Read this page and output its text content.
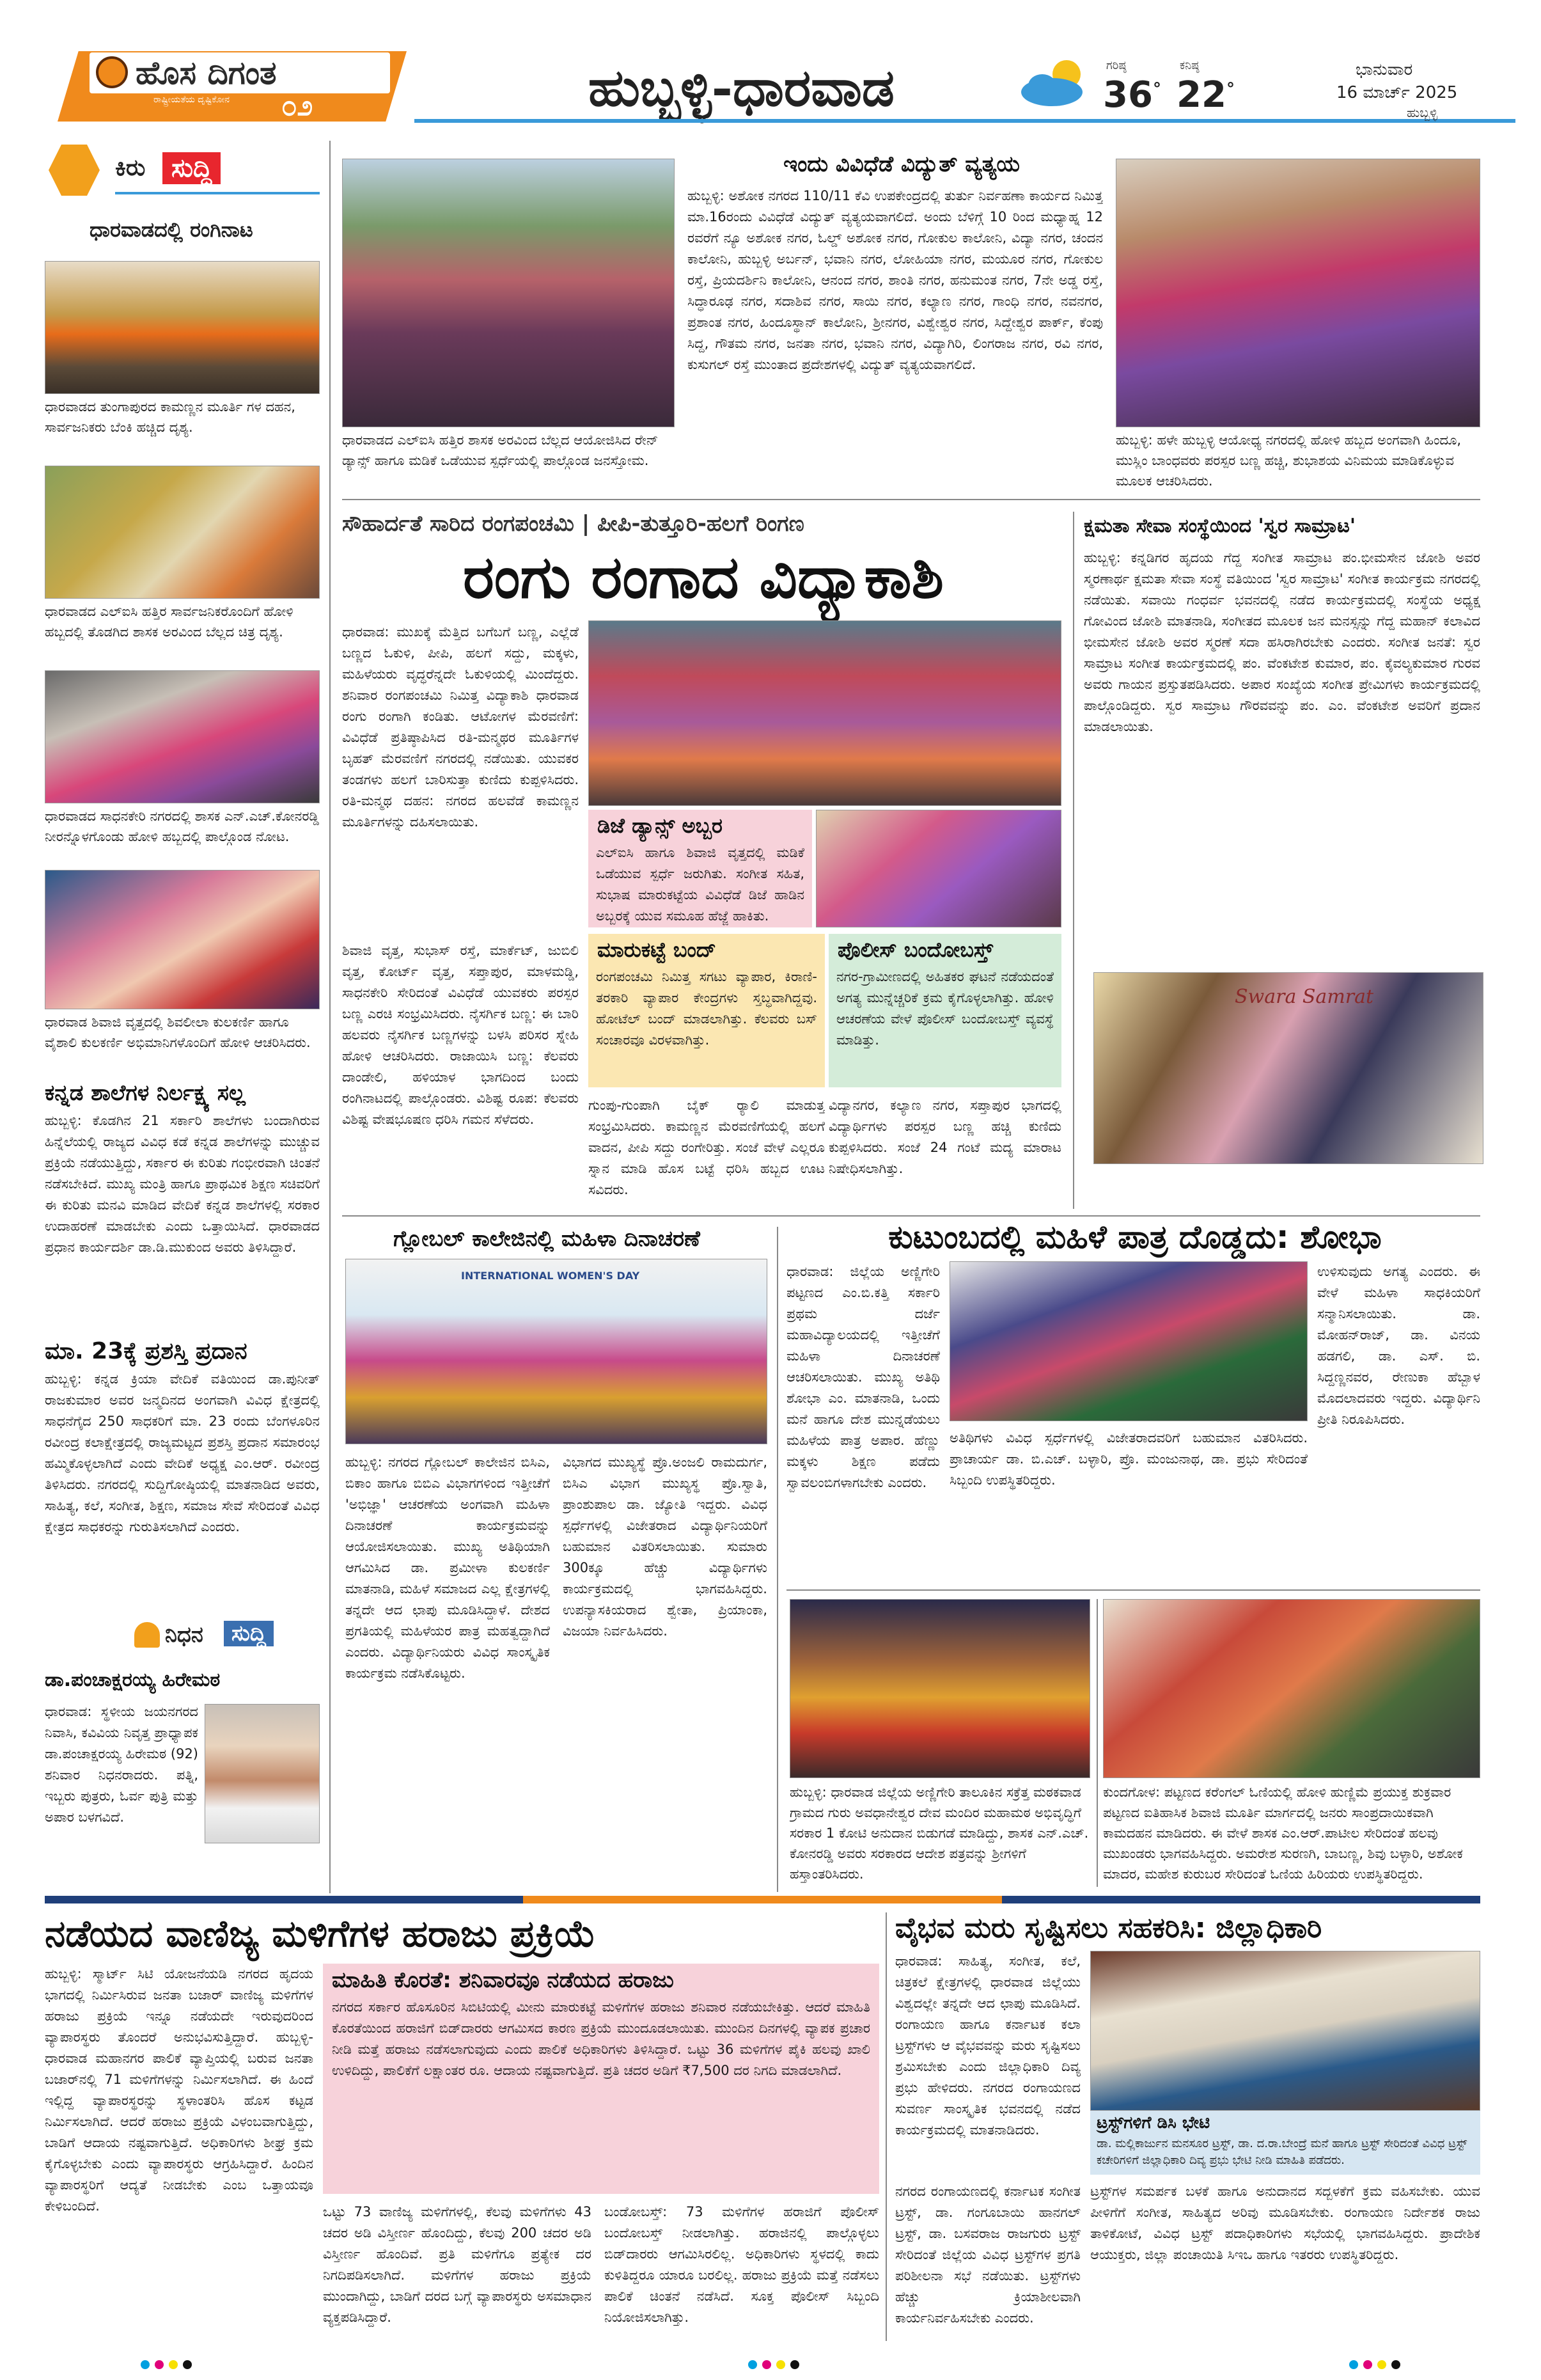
ಹೊಸ ದಿಗಂತ
ರಾಷ್ಟ್ರೀಯತೆಯ ದೃಷ್ಟಿಕೋನ ೦೨	ಹುಬ್ಬಳ್ಳಿ-ಧಾರವಾಡ	ಗರಿಷ್ಠ
36°
ಕನಿಷ್ಠ
22°
ಭಾನುವಾರ
16 ಮಾರ್ಚ್ 2025
ಹುಬ್ಬಳ್ಳಿ
ಕಿರು	ಸುದ್ದಿ
ಧಾರವಾಡದಲ್ಲಿ ರಂಗಿನಾಟ
ಧಾರವಾಡದ ತುಂಗಾಪುರದ ಕಾಮಣ್ಣನ ಮೂರ್ತಿ ಗಳ ದಹನ, ಸಾರ್ವಜನಿಕರು ಬೆಂಕಿ ಹಚ್ಚಿದ ದೃಶ್ಯ.
ಧಾರವಾಡದ ಎಲ್‌ಐಸಿ ಹತ್ತಿರ ಸಾರ್ವಜನಿಕರೊಂದಿಗೆ ಹೋಳಿ ಹಬ್ಬದಲ್ಲಿ ತೊಡಗಿದ ಶಾಸಕ ಅರವಿಂದ ಬೆಲ್ಲದ ಚಿತ್ರ ದೃಶ್ಯ.
ಧಾರವಾಡದ ಸಾಧನಕೇರಿ ನಗರದಲ್ಲಿ ಶಾಸಕ ಎನ್.ಎಚ್.ಕೋನರಡ್ಡಿ ನೀರನ್ನೊಳಗೊಂಡು ಹೋಳಿ ಹಬ್ಬದಲ್ಲಿ ಪಾಲ್ಗೊಂಡ ನೋಟ.
ಧಾರವಾಡ ಶಿವಾಜಿ ವೃತ್ತದಲ್ಲಿ ಶಿವಲೀಲಾ ಕುಲಕರ್ಣಿ ಹಾಗೂ ವೈಶಾಲಿ ಕುಲಕರ್ಣಿ ಅಭಿಮಾನಿಗಳೊಂದಿಗೆ ಹೋಳಿ ಆಚರಿಸಿದರು.
ಕನ್ನಡ ಶಾಲೆಗಳ ನಿರ್ಲಕ್ಷ್ಯ ಸಲ್ಲ
ಹುಬ್ಬಳ್ಳಿ: ಕೊಡಗಿನ 21 ಸರ್ಕಾರಿ ಶಾಲೆಗಳು ಬಂದಾಗಿರುವ ಹಿನ್ನೆಲೆಯಲ್ಲಿ ರಾಜ್ಯದ ವಿವಿಧ ಕಡೆ ಕನ್ನಡ ಶಾಲೆಗಳನ್ನು ಮುಚ್ಚುವ ಪ್ರಕ್ರಿಯೆ ನಡೆಯುತ್ತಿದ್ದು, ಸರ್ಕಾರ ಈ ಕುರಿತು ಗಂಭೀರವಾಗಿ ಚಿಂತನೆ ನಡೆಸಬೇಕಿದೆ. ಮುಖ್ಯ ಮಂತ್ರಿ ಹಾಗೂ ಪ್ರಾಥಮಿಕ ಶಿಕ್ಷಣ ಸಚಿವರಿಗೆ ಈ ಕುರಿತು ಮನವಿ ಮಾಡಿದ ವೇದಿಕೆ ಕನ್ನಡ ಶಾಲೆಗಳಲ್ಲಿ ಸರಕಾರ ಉದಾಹರಣೆ ಮಾಡಬೇಕು ಎಂದು ಒತ್ತಾಯಿಸಿದೆ. ಧಾರವಾಡದ ಪ್ರಧಾನ ಕಾರ್ಯದರ್ಶಿ ಡಾ.ಡಿ.ಮುಕುಂದ ಅವರು ತಿಳಿಸಿದ್ದಾರೆ.
ಮಾ. 23ಕ್ಕೆ ಪ್ರಶಸ್ತಿ ಪ್ರದಾನ
ಹುಬ್ಬಳ್ಳಿ: ಕನ್ನಡ ಕ್ರಿಯಾ ವೇದಿಕೆ ವತಿಯಿಂದ ಡಾ.ಪುನೀತ್ ರಾಜಕುಮಾರ ಅವರ ಜನ್ಮದಿನದ ಅಂಗವಾಗಿ ವಿವಿಧ ಕ್ಷೇತ್ರದಲ್ಲಿ ಸಾಧನೆಗೈದ 250 ಸಾಧಕರಿಗೆ ಮಾ. 23 ರಂದು ಬೆಂಗಳೂರಿನ ರವೀಂದ್ರ ಕಲಾಕ್ಷೇತ್ರದಲ್ಲಿ ರಾಜ್ಯಮಟ್ಟದ ಪ್ರಶಸ್ತಿ ಪ್ರದಾನ ಸಮಾರಂಭ ಹಮ್ಮಿಕೊಳ್ಳಲಾಗಿದೆ ಎಂದು ವೇದಿಕೆ ಅಧ್ಯಕ್ಷ ಎಂ.ಆರ್. ರವೀಂದ್ರ ತಿಳಿಸಿದರು. ನಗರದಲ್ಲಿ ಸುದ್ದಿಗೋಷ್ಠಿಯಲ್ಲಿ ಮಾತನಾಡಿದ ಅವರು, ಸಾಹಿತ್ಯ, ಕಲೆ, ಸಂಗೀತ, ಶಿಕ್ಷಣ, ಸಮಾಜ ಸೇವೆ ಸೇರಿದಂತೆ ವಿವಿಧ ಕ್ಷೇತ್ರದ ಸಾಧಕರನ್ನು ಗುರುತಿಸಲಾಗಿದೆ ಎಂದರು.
ನಿಧನ	ಸುದ್ದಿ
ಡಾ.ಪಂಚಾಕ್ಷರಯ್ಯ ಹಿರೇಮಠ
ಧಾರವಾಡ: ಸ್ಥಳೀಯ ಜಯನಗರದ ನಿವಾಸಿ, ಕವಿವಿಯ ನಿವೃತ್ತ ಪ್ರಾಧ್ಯಾಪಕ ಡಾ.ಪಂಚಾಕ್ಷರಯ್ಯ ಹಿರೇಮಠ (92) ಶನಿವಾರ ನಿಧನರಾದರು. ಪತ್ನಿ, ಇಬ್ಬರು ಪುತ್ರರು, ಓರ್ವ ಪುತ್ರಿ ಮತ್ತು ಅಪಾರ ಬಳಗವಿದೆ.
ಧಾರವಾಡದ ಎಲ್‌ಐಸಿ ಹತ್ತಿರ ಶಾಸಕ ಅರವಿಂದ ಬೆಲ್ಲದ ಆಯೋಜಿಸಿದ ರೇನ್ ಡ್ಯಾನ್ಸ್ ಹಾಗೂ ಮಡಿಕೆ ಒಡೆಯುವ ಸ್ಪರ್ಧೆಯಲ್ಲಿ ಪಾಲ್ಗೊಂಡ ಜನಸ್ತೋಮ.
ಇಂದು ವಿವಿಧೆಡೆ ವಿದ್ಯುತ್ ವ್ಯತ್ಯಯ
ಹುಬ್ಬಳ್ಳಿ: ಅಶೋಕ ನಗರದ 110/11 ಕೆವಿ ಉಪಕೇಂದ್ರದಲ್ಲಿ ತುರ್ತು ನಿರ್ವಹಣಾ ಕಾರ್ಯದ ನಿಮಿತ್ತ ಮಾ.16ರಂದು ವಿವಿಧೆಡೆ ವಿದ್ಯುತ್ ವ್ಯತ್ಯಯವಾಗಲಿದೆ. ಅಂದು ಬೆಳಿಗ್ಗೆ 10 ರಿಂದ ಮಧ್ಯಾಹ್ನ 12 ರವರೆಗೆ ನ್ಯೂ ಅಶೋಕ ನಗರ, ಓಲ್ಡ್ ಅಶೋಕ ನಗರ, ಗೋಕುಲ ಕಾಲೋನಿ, ವಿದ್ಯಾ ನಗರ, ಚಂದನ ಕಾಲೋನಿ, ಹುಬ್ಬಳ್ಳಿ ಅರ್ಬನ್, ಭವಾನಿ ನಗರ, ಲೋಹಿಯಾ ನಗರ, ಮಯೂರ ನಗರ, ಗೋಕುಲ ರಸ್ತೆ, ಪ್ರಿಯದರ್ಶಿನಿ ಕಾಲೋನಿ, ಆನಂದ ನಗರ, ಶಾಂತಿ ನಗರ, ಹನುಮಂತ ನಗರ, 7ನೇ ಅಡ್ಡ ರಸ್ತೆ, ಸಿದ್ಧಾರೂಢ ನಗರ, ಸದಾಶಿವ ನಗರ, ಸಾಯಿ ನಗರ, ಕಲ್ಯಾಣ ನಗರ, ಗಾಂಧಿ ನಗರ, ನವನಗರ, ಪ್ರಶಾಂತ ನಗರ, ಹಿಂದೂಸ್ಥಾನ್ ಕಾಲೋನಿ, ಶ್ರೀನಗರ, ವಿಶ್ವೇಶ್ವರ ನಗರ, ಸಿದ್ದೇಶ್ವರ ಪಾರ್ಕ್, ಕೆಂಪು ಸಿದ್ದ, ಗೌತಮ ನಗರ, ಜನತಾ ನಗರ, ಭವಾನಿ ನಗರ, ವಿದ್ಯಾಗಿರಿ, ಲಿಂಗರಾಜ ನಗರ, ರವಿ ನಗರ, ಕುಸುಗಲ್ ರಸ್ತೆ ಮುಂತಾದ ಪ್ರದೇಶಗಳಲ್ಲಿ ವಿದ್ಯುತ್ ವ್ಯತ್ಯಯವಾಗಲಿದೆ.
ಹುಬ್ಬಳ್ಳಿ: ಹಳೇ ಹುಬ್ಬಳ್ಳಿ ಆಯೋಧ್ಯ ನಗರದಲ್ಲಿ ಹೋಳಿ ಹಬ್ಬದ ಅಂಗವಾಗಿ ಹಿಂದೂ, ಮುಸ್ಲಿಂ ಬಾಂಧವರು ಪರಸ್ಪರ ಬಣ್ಣ ಹಚ್ಚಿ, ಶುಭಾಶಯ ವಿನಿಮಯ ಮಾಡಿಕೊಳ್ಳುವ ಮೂಲಕ ಆಚರಿಸಿದರು.
ಸೌಹಾರ್ದತೆ ಸಾರಿದ ರಂಗಪಂಚಮಿ | ಪೀಪಿ-ತುತ್ತೂರಿ-ಹಲಗೆ ರಿಂಗಣ
ರಂಗು ರಂಗಾದ ವಿದ್ಯಾಕಾಶಿ
ಧಾರವಾಡ: ಮುಖಕ್ಕೆ ಮೆತ್ತಿದ ಬಗೆಬಗೆ ಬಣ್ಣ, ಎಲ್ಲೆಡೆ ಬಣ್ಣದ ಓಕುಳಿ, ಪೀಪಿ, ಹಲಗೆ ಸದ್ದು, ಮಕ್ಕಳು, ಮಹಿಳೆಯರು ವೃದ್ಧರೆನ್ನದೇ ಓಕುಳಿಯಲ್ಲಿ ಮಿಂದೆದ್ದರು. ಶನಿವಾರ ರಂಗಪಂಚಮಿ ನಿಮಿತ್ತ ವಿದ್ಯಾಕಾಶಿ ಧಾರವಾಡ ರಂಗು ರಂಗಾಗಿ ಕಂಡಿತು. ಆಟೋಗಳ ಮೆರವಣಿಗೆ: ವಿವಿಧೆಡೆ ಪ್ರತಿಷ್ಠಾಪಿಸಿದ ರತಿ-ಮನ್ಮಥರ ಮೂರ್ತಿಗಳ ಬೃಹತ್ ಮೆರವಣಿಗೆ ನಗರದಲ್ಲಿ ನಡೆಯಿತು. ಯುವಕರ ತಂಡಗಳು ಹಲಗೆ ಬಾರಿಸುತ್ತಾ ಕುಣಿದು ಕುಪ್ಪಳಿಸಿದರು. ರತಿ-ಮನ್ಮಥ ದಹನ: ನಗರದ ಹಲವೆಡೆ ಕಾಮಣ್ಣನ ಮೂರ್ತಿಗಳನ್ನು ದಹಿಸಲಾಯಿತು.	ಡಿಜೆ ಡ್ಯಾನ್ಸ್ ಅಬ್ಬರ
ಎಲ್‌ಐಸಿ ಹಾಗೂ ಶಿವಾಜಿ ವೃತ್ತದಲ್ಲಿ ಮಡಿಕೆ ಒಡೆಯುವ ಸ್ಪರ್ಧೆ ಜರುಗಿತು. ಸಂಗೀತ ಸಹಿತ, ಸುಭಾಷ ಮಾರುಕಟ್ಟೆಯ ವಿವಿಧೆಡೆ ಡಿಜೆ ಹಾಡಿನ ಅಬ್ಬರಕ್ಕೆ ಯುವ ಸಮೂಹ ಹೆಜ್ಜೆ ಹಾಕಿತು.
ಶಿವಾಜಿ ವೃತ್ತ, ಸುಭಾಸ್ ರಸ್ತೆ, ಮಾರ್ಕೆಟ್, ಜುಬಿಲಿ ವೃತ್ತ, ಕೋರ್ಟ್ ವೃತ್ತ, ಸಪ್ತಾಪುರ, ಮಾಳಮಡ್ಡಿ, ಸಾಧನಕೇರಿ ಸೇರಿದಂತೆ ವಿವಿಧೆಡೆ ಯುವಕರು ಪರಸ್ಪರ ಬಣ್ಣ ಎರಚಿ ಸಂಭ್ರಮಿಸಿದರು. ನೈಸರ್ಗಿಕ ಬಣ್ಣ: ಈ ಬಾರಿ ಹಲವರು ನೈಸರ್ಗಿಕ ಬಣ್ಣಗಳನ್ನು ಬಳಸಿ ಪರಿಸರ ಸ್ನೇಹಿ ಹೋಳಿ ಆಚರಿಸಿದರು. ರಾಜಾಯಿಸಿ ಬಣ್ಣ: ಕೆಲವರು ದಾಂಡೇಲಿ, ಹಳಿಯಾಳ ಭಾಗದಿಂದ ಬಂದು ರಂಗಿನಾಟದಲ್ಲಿ ಪಾಲ್ಗೊಂಡರು. ವಿಶಿಷ್ಟ ರೂಪ: ಕೆಲವರು ವಿಶಿಷ್ಟ ವೇಷಭೂಷಣ ಧರಿಸಿ ಗಮನ ಸೆಳೆದರು.
ಮಾರುಕಟ್ಟೆ ಬಂದ್
ರಂಗಪಂಚಮಿ ನಿಮಿತ್ತ ಸಗಟು ವ್ಯಾಪಾರ, ಕಿರಾಣಿ-ತರಕಾರಿ ವ್ಯಾಪಾರ ಕೇಂದ್ರಗಳು ಸ್ತಬ್ಧವಾಗಿದ್ದವು. ಹೋಟೆಲ್ ಬಂದ್ ಮಾಡಲಾಗಿತ್ತು. ಕೆಲವರು ಬಸ್ ಸಂಚಾರವೂ ವಿರಳವಾಗಿತ್ತು.
ಪೊಲೀಸ್ ಬಂದೋಬಸ್ತ್
ನಗರ-ಗ್ರಾಮೀಣದಲ್ಲಿ ಅಹಿತಕರ ಘಟನೆ ನಡೆಯದಂತೆ ಅಗತ್ಯ ಮುನ್ನೆಚ್ಚರಿಕೆ ಕ್ರಮ ಕೈಗೊಳ್ಳಲಾಗಿತ್ತು. ಹೋಳಿ ಆಚರಣೆಯ ವೇಳೆ ಪೊಲೀಸ್ ಬಂದೋಬಸ್ತ್ ವ್ಯವಸ್ಥೆ ಮಾಡಿತ್ತು.
ಗುಂಪು-ಗುಂಪಾಗಿ ಬೈಕ್ ರ‍್ಯಾಲಿ ಮಾಡುತ್ತ ಸಂಭ್ರಮಿಸಿದರು. ಕಾಮಣ್ಣನ ಮೆರವಣಿಗೆಯಲ್ಲಿ ಹಲಗೆ ವಾದನ, ಪೀಪಿ ಸದ್ದು ರಂಗೇರಿತ್ತು. ಸಂಜೆ ವೇಳೆ ಎಲ್ಲರೂ ಸ್ನಾನ ಮಾಡಿ ಹೊಸ ಬಟ್ಟೆ ಧರಿಸಿ ಹಬ್ಬದ ಊಟ ಸವಿದರು.
ವಿದ್ಯಾನಗರ, ಕಲ್ಯಾಣ ನಗರ, ಸಪ್ತಾಪುರ ಭಾಗದಲ್ಲಿ ವಿದ್ಯಾರ್ಥಿಗಳು ಪರಸ್ಪರ ಬಣ್ಣ ಹಚ್ಚಿ ಕುಣಿದು ಕುಪ್ಪಳಿಸಿದರು. ಸಂಜೆ 24 ಗಂಟೆ ಮದ್ಯ ಮಾರಾಟ ನಿಷೇಧಿಸಲಾಗಿತ್ತು.
ಕ್ಷಮತಾ ಸೇವಾ ಸಂಸ್ಥೆಯಿಂದ 'ಸ್ವರ ಸಾಮ್ರಾಟ'
ಹುಬ್ಬಳ್ಳಿ: ಕನ್ನಡಿಗರ ಹೃದಯ ಗೆದ್ದ ಸಂಗೀತ ಸಾಮ್ರಾಟ ಪಂ.ಭೀಮಸೇನ ಜೋಶಿ ಅವರ ಸ್ಮರಣಾರ್ಥ ಕ್ಷಮತಾ ಸೇವಾ ಸಂಸ್ಥೆ ವತಿಯಿಂದ 'ಸ್ವರ ಸಾಮ್ರಾಟ' ಸಂಗೀತ ಕಾರ್ಯಕ್ರಮ ನಗರದಲ್ಲಿ ನಡೆಯಿತು. ಸವಾಯಿ ಗಂಧರ್ವ ಭವನದಲ್ಲಿ ನಡೆದ ಕಾರ್ಯಕ್ರಮದಲ್ಲಿ ಸಂಸ್ಥೆಯ ಅಧ್ಯಕ್ಷ ಗೋವಿಂದ ಜೋಶಿ ಮಾತನಾಡಿ, ಸಂಗೀತದ ಮೂಲಕ ಜನ ಮನಸ್ಸನ್ನು ಗೆದ್ದ ಮಹಾನ್ ಕಲಾವಿದ ಭೀಮಸೇನ ಜೋಶಿ ಅವರ ಸ್ಮರಣೆ ಸದಾ ಹಸಿರಾಗಿರಬೇಕು ಎಂದರು. ಸಂಗೀತ ಜನತೆ: ಸ್ವರ ಸಾಮ್ರಾಟ ಸಂಗೀತ ಕಾರ್ಯಕ್ರಮದಲ್ಲಿ ಪಂ. ವೆಂಕಟೇಶ ಕುಮಾರ, ಪಂ. ಕೈವಲ್ಯಕುಮಾರ ಗುರವ ಅವರು ಗಾಯನ ಪ್ರಸ್ತುತಪಡಿಸಿದರು. ಅಪಾರ ಸಂಖ್ಯೆಯ ಸಂಗೀತ ಪ್ರೇಮಿಗಳು ಕಾರ್ಯಕ್ರಮದಲ್ಲಿ ಪಾಲ್ಗೊಂಡಿದ್ದರು. ಸ್ವರ ಸಾಮ್ರಾಟ ಗೌರವವನ್ನು ಪಂ. ಎಂ. ವೆಂಕಟೇಶ ಅವರಿಗೆ ಪ್ರದಾನ ಮಾಡಲಾಯಿತು.
Swara Samrat
ಗ್ಲೋಬಲ್ ಕಾಲೇಜಿನಲ್ಲಿ ಮಹಿಳಾ ದಿನಾಚರಣೆ
INTERNATIONAL WOMEN'S DAY
ಹುಬ್ಬಳ್ಳಿ: ನಗರದ ಗ್ಲೋಬಲ್ ಕಾಲೇಜಿನ ಬಿಸಿಎ, ಬಿಕಾಂ ಹಾಗೂ ಬಿಬಿಎ ವಿಭಾಗಗಳಿಂದ ಇತ್ತೀಚೆಗೆ 'ಅಭಿಜ್ಞಾ' ಆಚರಣೆಯ ಅಂಗವಾಗಿ ಮಹಿಳಾ ದಿನಾಚರಣೆ ಕಾರ್ಯಕ್ರಮವನ್ನು ಆಯೋಜಿಸಲಾಯಿತು. ಮುಖ್ಯ ಅತಿಥಿಯಾಗಿ ಆಗಮಿಸಿದ ಡಾ. ಪ್ರಮೀಳಾ ಕುಲಕರ್ಣಿ ಮಾತನಾಡಿ, ಮಹಿಳೆ ಸಮಾಜದ ಎಲ್ಲ ಕ್ಷೇತ್ರಗಳಲ್ಲಿ ತನ್ನದೇ ಆದ ಛಾಪು ಮೂಡಿಸಿದ್ದಾಳೆ. ದೇಶದ ಪ್ರಗತಿಯಲ್ಲಿ ಮಹಿಳೆಯರ ಪಾತ್ರ ಮಹತ್ವದ್ದಾಗಿದೆ ಎಂದರು. ವಿದ್ಯಾರ್ಥಿನಿಯರು ವಿವಿಧ ಸಾಂಸ್ಕೃತಿಕ ಕಾರ್ಯಕ್ರಮ ನಡೆಸಿಕೊಟ್ಟರು.
ವಿಭಾಗದ ಮುಖ್ಯಸ್ಥೆ ಪ್ರೊ.ಅಂಜಲಿ ರಾಮದುರ್ಗ, ಬಿಸಿಎ ವಿಭಾಗ ಮುಖ್ಯಸ್ಥ ಪ್ರೊ.ಸ್ವಾತಿ, ಪ್ರಾಂಶುಪಾಲ ಡಾ. ಜ್ಯೋತಿ ಇದ್ದರು. ವಿವಿಧ ಸ್ಪರ್ಧೆಗಳಲ್ಲಿ ವಿಜೇತರಾದ ವಿದ್ಯಾರ್ಥಿನಿಯರಿಗೆ ಬಹುಮಾನ ವಿತರಿಸಲಾಯಿತು. ಸುಮಾರು 300ಕ್ಕೂ ಹೆಚ್ಚು ವಿದ್ಯಾರ್ಥಿಗಳು ಕಾರ್ಯಕ್ರಮದಲ್ಲಿ ಭಾಗವಹಿಸಿದ್ದರು. ಉಪನ್ಯಾಸಕಿಯರಾದ ಶ್ವೇತಾ, ಪ್ರಿಯಾಂಕಾ, ವಿಜಯಾ ನಿರ್ವಹಿಸಿದರು.
ಕುಟುಂಬದಲ್ಲಿ ಮಹಿಳೆ ಪಾತ್ರ ದೊಡ್ಡದು: ಶೋಭಾ
ಧಾರವಾಡ: ಜಿಲ್ಲೆಯ ಅಣ್ಣಿಗೇರಿ ಪಟ್ಟಣದ ಎಂ.ಬಿ.ಕತ್ತಿ ಸರ್ಕಾರಿ ಪ್ರಥಮ ದರ್ಜೆ ಮಹಾವಿದ್ಯಾಲಯದಲ್ಲಿ ಇತ್ತೀಚೆಗೆ ಮಹಿಳಾ ದಿನಾಚರಣೆ ಆಚರಿಸಲಾಯಿತು. ಮುಖ್ಯ ಅತಿಥಿ ಶೋಭಾ ಎಂ. ಮಾತನಾಡಿ, ಒಂದು ಮನೆ ಹಾಗೂ ದೇಶ ಮುನ್ನಡೆಯಲು ಮಹಿಳೆಯ ಪಾತ್ರ ಅಪಾರ. ಹೆಣ್ಣು ಮಕ್ಕಳು ಶಿಕ್ಷಣ ಪಡೆದು ಸ್ವಾವಲಂಬಿಗಳಾಗಬೇಕು ಎಂದರು.
ಅತಿಥಿಗಳು ವಿವಿಧ ಸ್ಪರ್ಧೆಗಳಲ್ಲಿ ವಿಜೇತರಾದವರಿಗೆ ಬಹುಮಾನ ವಿತರಿಸಿದರು. ಪ್ರಾಚಾರ್ಯ ಡಾ. ಬಿ.ಎಚ್. ಬಳ್ಳಾರಿ, ಪ್ರೊ. ಮಂಜುನಾಥ, ಡಾ. ಪ್ರಭು ಸೇರಿದಂತೆ ಸಿಬ್ಬಂದಿ ಉಪಸ್ಥಿತರಿದ್ದರು.
ಉಳಿಸುವುದು ಅಗತ್ಯ ಎಂದರು. ಈ ವೇಳೆ ಮಹಿಳಾ ಸಾಧಕಿಯರಿಗೆ ಸನ್ಮಾನಿಸಲಾಯಿತು. ಡಾ. ಮೋಹನ್‌ರಾಜ್, ಡಾ. ವಿನಯ ಹಡಗಲಿ, ಡಾ. ಎಸ್. ಬಿ. ಸಿದ್ದಣ್ಣನವರ, ರೇಣುಕಾ ಹೆಬ್ಬಾಳ ಮೊದಲಾದವರು ಇದ್ದರು. ವಿದ್ಯಾರ್ಥಿನಿ ಪ್ರೀತಿ ನಿರೂಪಿಸಿದರು.
ಹುಬ್ಬಳ್ಳಿ: ಧಾರವಾಡ ಜಿಲ್ಲೆಯ ಅಣ್ಣಿಗೇರಿ ತಾಲೂಕಿನ ಸಕ್ರೆತ್ತ ಮಠಕವಾಡ ಗ್ರಾಮದ ಗುರು ಅವಧಾನೇಶ್ವರ ದೇವ ಮಂದಿರ ಮಹಾಮಠ ಅಭಿವೃದ್ಧಿಗೆ ಸರಕಾರ 1 ಕೋಟಿ ಅನುದಾನ ಬಿಡುಗಡೆ ಮಾಡಿದ್ದು, ಶಾಸಕ ಎನ್.ಎಚ್. ಕೋನರಡ್ಡಿ ಅವರು ಸರಕಾರದ ಆದೇಶ ಪತ್ರವನ್ನು ಶ್ರೀಗಳಿಗೆ ಹಸ್ತಾಂತರಿಸಿದರು.
ಕುಂದಗೋಳ: ಪಟ್ಟಣದ ಕರೆಂಗಲ್ ಓಣಿಯಲ್ಲಿ ಹೋಳಿ ಹುಣ್ಣಿಮೆ ಪ್ರಯುಕ್ತ ಶುಕ್ರವಾರ ಪಟ್ಟಣದ ಐತಿಹಾಸಿಕ ಶಿವಾಜಿ ಮೂರ್ತಿ ಮಾರ್ಗದಲ್ಲಿ ಜನರು ಸಾಂಪ್ರದಾಯಿಕವಾಗಿ ಕಾಮದಹನ ಮಾಡಿದರು. ಈ ವೇಳೆ ಶಾಸಕ ಎಂ.ಆರ್.ಪಾಟೀಲ ಸೇರಿದಂತೆ ಹಲವು ಮುಖಂಡರು ಭಾಗವಹಿಸಿದ್ದರು. ಅಮರೇಶ ಸುರಣಗಿ, ಬಾಬಣ್ಣ, ಶಿವು ಬಳ್ಳಾರಿ, ಅಶೋಕ ಮಾದರ, ಮಹೇಶ ಕುರುಬರ ಸೇರಿದಂತೆ ಓಣಿಯ ಹಿರಿಯರು ಉಪಸ್ಥಿತರಿದ್ದರು.
ನಡೆಯದ ವಾಣಿಜ್ಯ ಮಳಿಗೆಗಳ ಹರಾಜು ಪ್ರಕ್ರಿಯೆ
ಹುಬ್ಬಳ್ಳಿ: ಸ್ಮಾರ್ಟ್ ಸಿಟಿ ಯೋಜನೆಯಡಿ ನಗರದ ಹೃದಯ ಭಾಗದಲ್ಲಿ ನಿರ್ಮಿಸಿರುವ ಜನತಾ ಬಜಾರ್ ವಾಣಿಜ್ಯ ಮಳಿಗೆಗಳ ಹರಾಜು ಪ್ರಕ್ರಿಯೆ ಇನ್ನೂ ನಡೆಯದೇ ಇರುವುದರಿಂದ ವ್ಯಾಪಾರಸ್ಥರು ತೊಂದರೆ ಅನುಭವಿಸುತ್ತಿದ್ದಾರೆ. ಹುಬ್ಬಳ್ಳಿ-ಧಾರವಾಡ ಮಹಾನಗರ ಪಾಲಿಕೆ ವ್ಯಾಪ್ತಿಯಲ್ಲಿ ಬರುವ ಜನತಾ ಬಜಾರ್‌ನಲ್ಲಿ 71 ಮಳಿಗೆಗಳನ್ನು ನಿರ್ಮಿಸಲಾಗಿದೆ. ಈ ಹಿಂದೆ ಇಲ್ಲಿದ್ದ ವ್ಯಾಪಾರಸ್ಥರನ್ನು ಸ್ಥಳಾಂತರಿಸಿ ಹೊಸ ಕಟ್ಟಡ ನಿರ್ಮಿಸಲಾಗಿದೆ. ಆದರೆ ಹರಾಜು ಪ್ರಕ್ರಿಯೆ ವಿಳಂಬವಾಗುತ್ತಿದ್ದು, ಬಾಡಿಗೆ ಆದಾಯ ನಷ್ಟವಾಗುತ್ತಿದೆ. ಅಧಿಕಾರಿಗಳು ಶೀಘ್ರ ಕ್ರಮ ಕೈಗೊಳ್ಳಬೇಕು ಎಂದು ವ್ಯಾಪಾರಸ್ಥರು ಆಗ್ರಹಿಸಿದ್ದಾರೆ. ಹಿಂದಿನ ವ್ಯಾಪಾರಸ್ಥರಿಗೆ ಆದ್ಯತೆ ನೀಡಬೇಕು ಎಂಬ ಒತ್ತಾಯವೂ ಕೇಳಿಬಂದಿದೆ.
ಮಾಹಿತಿ ಕೊರತೆ: ಶನಿವಾರವೂ ನಡೆಯದ ಹರಾಜು
ನಗರದ ಸರ್ಕಾರ ಹೊಸೂರಿನ ಸಿಬಿಟಿಯಲ್ಲಿ ಮೀನು ಮಾರುಕಟ್ಟೆ ಮಳಿಗೆಗಳ ಹರಾಜು ಶನಿವಾರ ನಡೆಯಬೇಕಿತ್ತು. ಆದರೆ ಮಾಹಿತಿ ಕೊರತೆಯಿಂದ ಹರಾಜಿಗೆ ಬಿಡ್‌ದಾರರು ಆಗಮಿಸದ ಕಾರಣ ಪ್ರಕ್ರಿಯೆ ಮುಂದೂಡಲಾಯಿತು. ಮುಂದಿನ ದಿನಗಳಲ್ಲಿ ವ್ಯಾಪಕ ಪ್ರಚಾರ ನೀಡಿ ಮತ್ತೆ ಹರಾಜು ನಡೆಸಲಾಗುವುದು ಎಂದು ಪಾಲಿಕೆ ಅಧಿಕಾರಿಗಳು ತಿಳಿಸಿದ್ದಾರೆ. ಒಟ್ಟು 36 ಮಳಿಗೆಗಳ ಪೈಕಿ ಹಲವು ಖಾಲಿ ಉಳಿದಿದ್ದು, ಪಾಲಿಕೆಗೆ ಲಕ್ಷಾಂತರ ರೂ. ಆದಾಯ ನಷ್ಟವಾಗುತ್ತಿದೆ. ಪ್ರತಿ ಚದರ ಅಡಿಗೆ ₹7,500 ದರ ನಿಗದಿ ಮಾಡಲಾಗಿದೆ.
ಒಟ್ಟು 73 ವಾಣಿಜ್ಯ ಮಳಿಗೆಗಳಲ್ಲಿ, ಕೆಲವು ಮಳಿಗೆಗಳು 43 ಚದರ ಅಡಿ ವಿಸ್ತೀರ್ಣ ಹೊಂದಿದ್ದು, ಕೆಲವು 200 ಚದರ ಅಡಿ ವಿಸ್ತೀರ್ಣ ಹೊಂದಿವೆ. ಪ್ರತಿ ಮಳಿಗೆಗೂ ಪ್ರತ್ಯೇಕ ದರ ನಿಗದಿಪಡಿಸಲಾಗಿದೆ. ಮಳಿಗೆಗಳ ಹರಾಜು ಪ್ರಕ್ರಿಯೆ ಮುಂದಾಗಿದ್ದು, ಬಾಡಿಗೆ ದರದ ಬಗ್ಗೆ ವ್ಯಾಪಾರಸ್ಥರು ಅಸಮಾಧಾನ ವ್ಯಕ್ತಪಡಿಸಿದ್ದಾರೆ.
ಬಂಡೋಬಸ್ತ್: 73 ಮಳಿಗೆಗಳ ಹರಾಜಿಗೆ ಪೊಲೀಸ್ ಬಂದೋಬಸ್ತ್ ನೀಡಲಾಗಿತ್ತು. ಹರಾಜಿನಲ್ಲಿ ಪಾಲ್ಗೊಳ್ಳಲು ಬಿಡ್‌ದಾರರು ಆಗಮಿಸಿರಲಿಲ್ಲ. ಅಧಿಕಾರಿಗಳು ಸ್ಥಳದಲ್ಲಿ ಕಾದು ಕುಳಿತಿದ್ದರೂ ಯಾರೂ ಬರಲಿಲ್ಲ. ಹರಾಜು ಪ್ರಕ್ರಿಯೆ ಮತ್ತೆ ನಡೆಸಲು ಪಾಲಿಕೆ ಚಿಂತನೆ ನಡೆಸಿದೆ. ಸೂಕ್ತ ಪೊಲೀಸ್ ಸಿಬ್ಬಂದಿ ನಿಯೋಜಿಸಲಾಗಿತ್ತು.
ವೈಭವ ಮರು ಸೃಷ್ಟಿಸಲು ಸಹಕರಿಸಿ: ಜಿಲ್ಲಾಧಿಕಾರಿ
ಧಾರವಾಡ: ಸಾಹಿತ್ಯ, ಸಂಗೀತ, ಕಲೆ, ಚಿತ್ರಕಲೆ ಕ್ಷೇತ್ರಗಳಲ್ಲಿ ಧಾರವಾಡ ಜಿಲ್ಲೆಯು ವಿಶ್ವದಲ್ಲೇ ತನ್ನದೇ ಆದ ಛಾಪು ಮೂಡಿಸಿದೆ. ರಂಗಾಯಣ ಹಾಗೂ ಕರ್ನಾಟಕ ಕಲಾ ಟ್ರಸ್ಟ್‌ಗಳು ಆ ವೈಭವವನ್ನು ಮರು ಸೃಷ್ಟಿಸಲು ಶ್ರಮಿಸಬೇಕು ಎಂದು ಜಿಲ್ಲಾಧಿಕಾರಿ ದಿವ್ಯ ಪ್ರಭು ಹೇಳಿದರು. ನಗರದ ರಂಗಾಯಣದ ಸುವರ್ಣ ಸಾಂಸ್ಕೃತಿಕ ಭವನದಲ್ಲಿ ನಡೆದ ಕಾರ್ಯಕ್ರಮದಲ್ಲಿ ಮಾತನಾಡಿದರು.	ಟ್ರಸ್ಟ್‌ಗಳಿಗೆ ಡಿಸಿ ಭೇಟಿ
ಡಾ. ಮಲ್ಲಿಕಾರ್ಜುನ ಮನಸೂರ ಟ್ರಸ್ಟ್, ಡಾ. ದ.ರಾ.ಬೇಂದ್ರೆ ಮನೆ ಹಾಗೂ ಟ್ರಸ್ಟ್ ಸೇರಿದಂತೆ ವಿವಿಧ ಟ್ರಸ್ಟ್ ಕಚೇರಿಗಳಿಗೆ ಜಿಲ್ಲಾಧಿಕಾರಿ ದಿವ್ಯ ಪ್ರಭು ಭೇಟಿ ನೀಡಿ ಮಾಹಿತಿ ಪಡೆದರು.
ನಗರದ ರಂಗಾಯಣದಲ್ಲಿ ಕರ್ನಾಟಕ ಸಂಗೀತ ಟ್ರಸ್ಟ್, ಡಾ. ಗಂಗೂಬಾಯಿ ಹಾನಗಲ್ ಟ್ರಸ್ಟ್, ಡಾ. ಬಸವರಾಜ ರಾಜಗುರು ಟ್ರಸ್ಟ್ ಸೇರಿದಂತೆ ಜಿಲ್ಲೆಯ ವಿವಿಧ ಟ್ರಸ್ಟ್‌ಗಳ ಪ್ರಗತಿ ಪರಿಶೀಲನಾ ಸಭೆ ನಡೆಯಿತು. ಟ್ರಸ್ಟ್‌ಗಳು ಹೆಚ್ಚು ಕ್ರಿಯಾಶೀಲವಾಗಿ ಕಾರ್ಯನಿರ್ವಹಿಸಬೇಕು ಎಂದರು.
ಟ್ರಸ್ಟ್‌ಗಳ ಸಮರ್ಪಕ ಬಳಕೆ ಹಾಗೂ ಅನುದಾನದ ಸದ್ಬಳಕೆಗೆ ಕ್ರಮ ವಹಿಸಬೇಕು. ಯುವ ಪೀಳಿಗೆಗೆ ಸಂಗೀತ, ಸಾಹಿತ್ಯದ ಅರಿವು ಮೂಡಿಸಬೇಕು. ರಂಗಾಯಣ ನಿರ್ದೇಶಕ ರಾಜು ತಾಳಿಕೋಟೆ, ವಿವಿಧ ಟ್ರಸ್ಟ್ ಪದಾಧಿಕಾರಿಗಳು ಸಭೆಯಲ್ಲಿ ಭಾಗವಹಿಸಿದ್ದರು. ಪ್ರಾದೇಶಿಕ ಆಯುಕ್ತರು, ಜಿಲ್ಲಾ ಪಂಚಾಯಿತಿ ಸಿಇಒ ಹಾಗೂ ಇತರರು ಉಪಸ್ಥಿತರಿದ್ದರು.
